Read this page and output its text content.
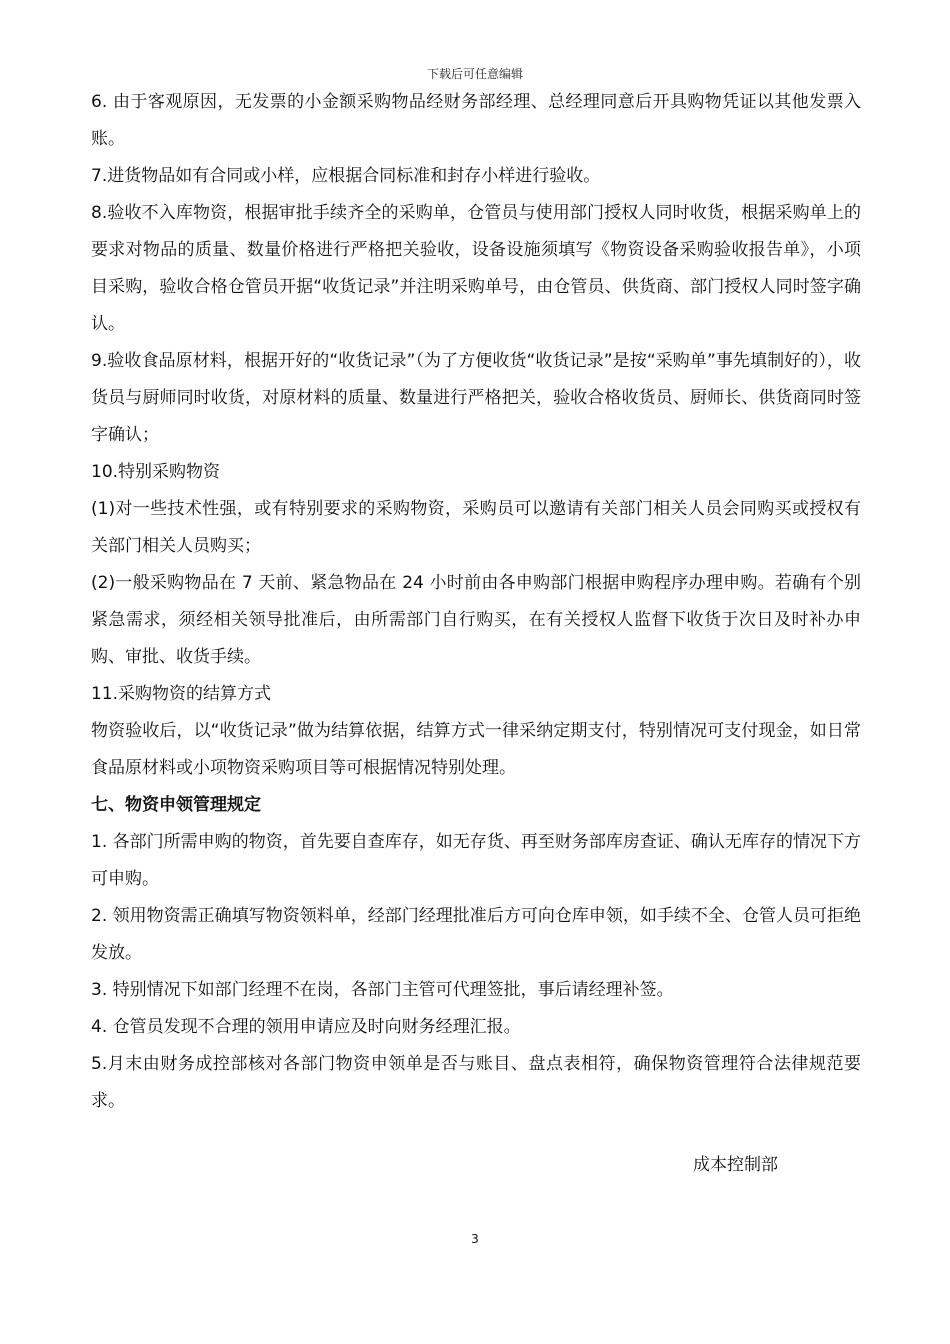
下载后可任意编辑

6. 由于客观原因，无发票的小金额采购物品经财务部经理、总经理同意后开具购物凭证以其他发票入账。

7.进货物品如有合同或小样，应根据合同标准和封存小样进行验收。

8.验收不入库物资，根据审批手续齐全的采购单，仓管员与使用部门授权人同时收货，根据采购单上的要求对物品的质量、数量价格进行严格把关验收，设备设施须填写《物资设备采购验收报告单》，小项目采购，验收合格仓管员开据“收货记录”并注明采购单号，由仓管员、供货商、部门授权人同时签字确认。

9.验收食品原材料，根据开好的“收货记录”（为了方便收货“收货记录”是按“采购单”事先填制好的），收货员与厨师同时收货，对原材料的质量、数量进行严格把关，验收合格收货员、厨师长、供货商同时签字确认；

10.特别采购物资

(1)对一些技术性强，或有特别要求的采购物资，采购员可以邀请有关部门相关人员会同购买或授权有关部门相关人员购买；

(2)一般采购物品在 7 天前、紧急物品在 24 小时前由各申购部门根据申购程序办理申购。若确有个别紧急需求，须经相关领导批准后，由所需部门自行购买，在有关授权人监督下收货于次日及时补办申购、审批、收货手续。

11.采购物资的结算方式

物资验收后，以“收货记录”做为结算依据，结算方式一律采纳定期支付，特别情况可支付现金，如日常食品原材料或小项物资采购项目等可根据情况特别处理。

七、物资申领管理规定

1. 各部门所需申购的物资，首先要自查库存，如无存货、再至财务部库房查证、确认无库存的情况下方可申购。

2. 领用物资需正确填写物资领料单，经部门经理批准后方可向仓库申领，如手续不全、仓管人员可拒绝发放。

3. 特别情况下如部门经理不在岗，各部门主管可代理签批，事后请经理补签。

4. 仓管员发现不合理的领用申请应及时向财务经理汇报。

5.月末由财务成控部核对各部门物资申领单是否与账目、盘点表相符，确保物资管理符合法律规范要求。

成本控制部
3
